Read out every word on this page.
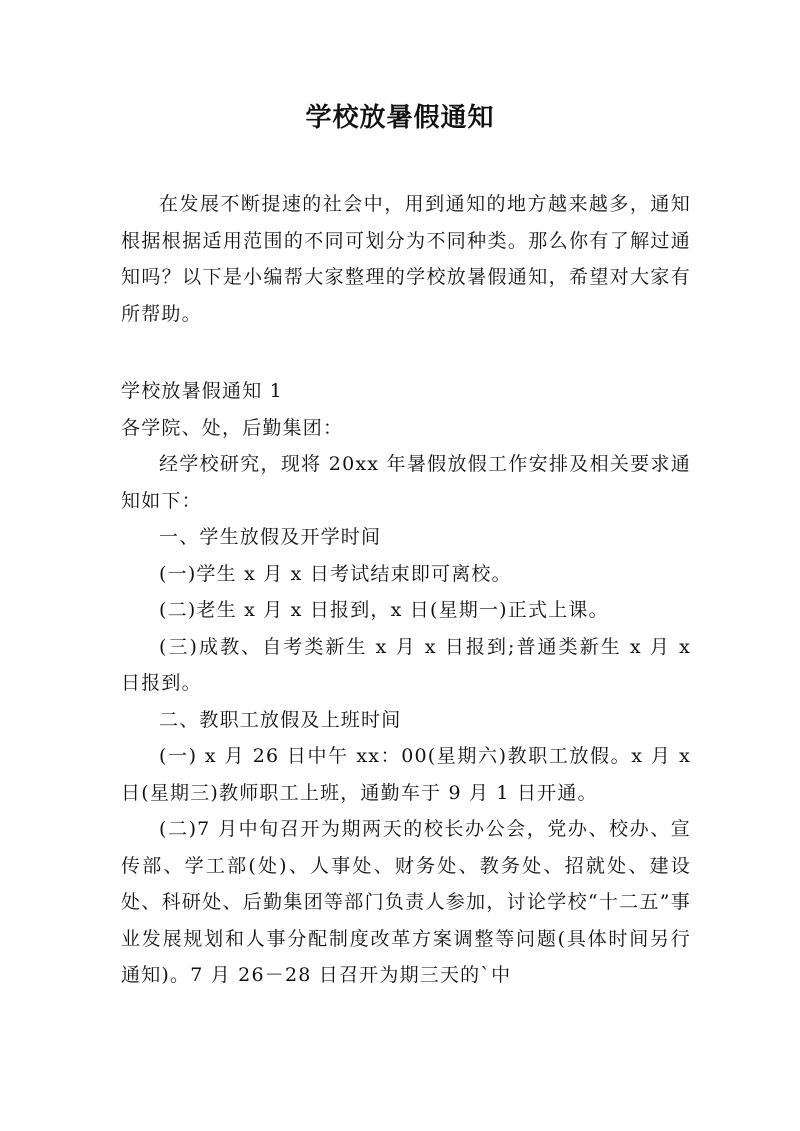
学校放暑假通知

在发展不断提速的社会中，用到通知的地方越来越多，通知根据根据适用范围的不同可划分为不同种类。那么你有了解过通知吗？以下是小编帮大家整理的学校放暑假通知，希望对大家有所帮助。

学校放暑假通知 1

各学院、处，后勤集团：

经学校研究，现将 20xx 年暑假放假工作安排及相关要求通知如下：

一、学生放假及开学时间

(一)学生 x 月 x 日考试结束即可离校。

(二)老生 x 月 x 日报到，x 日(星期一)正式上课。

(三)成教、自考类新生 x 月 x 日报到;普通类新生 x 月 x 日报到。

二、教职工放假及上班时间

(一) x 月 26 日中午 xx：00(星期六)教职工放假。x 月 x 日(星期三)教师职工上班，通勤车于 9 月 1 日开通。

(二)7 月中旬召开为期两天的校长办公会，党办、校办、宣传部、学工部(处)、人事处、财务处、教务处、招就处、建设处、科研处、后勤集团等部门负责人参加，讨论学校“十二五”事业发展规划和人事分配制度改革方案调整等问题(具体时间另行通知)。7 月 26－28 日召开为期三天的`中
